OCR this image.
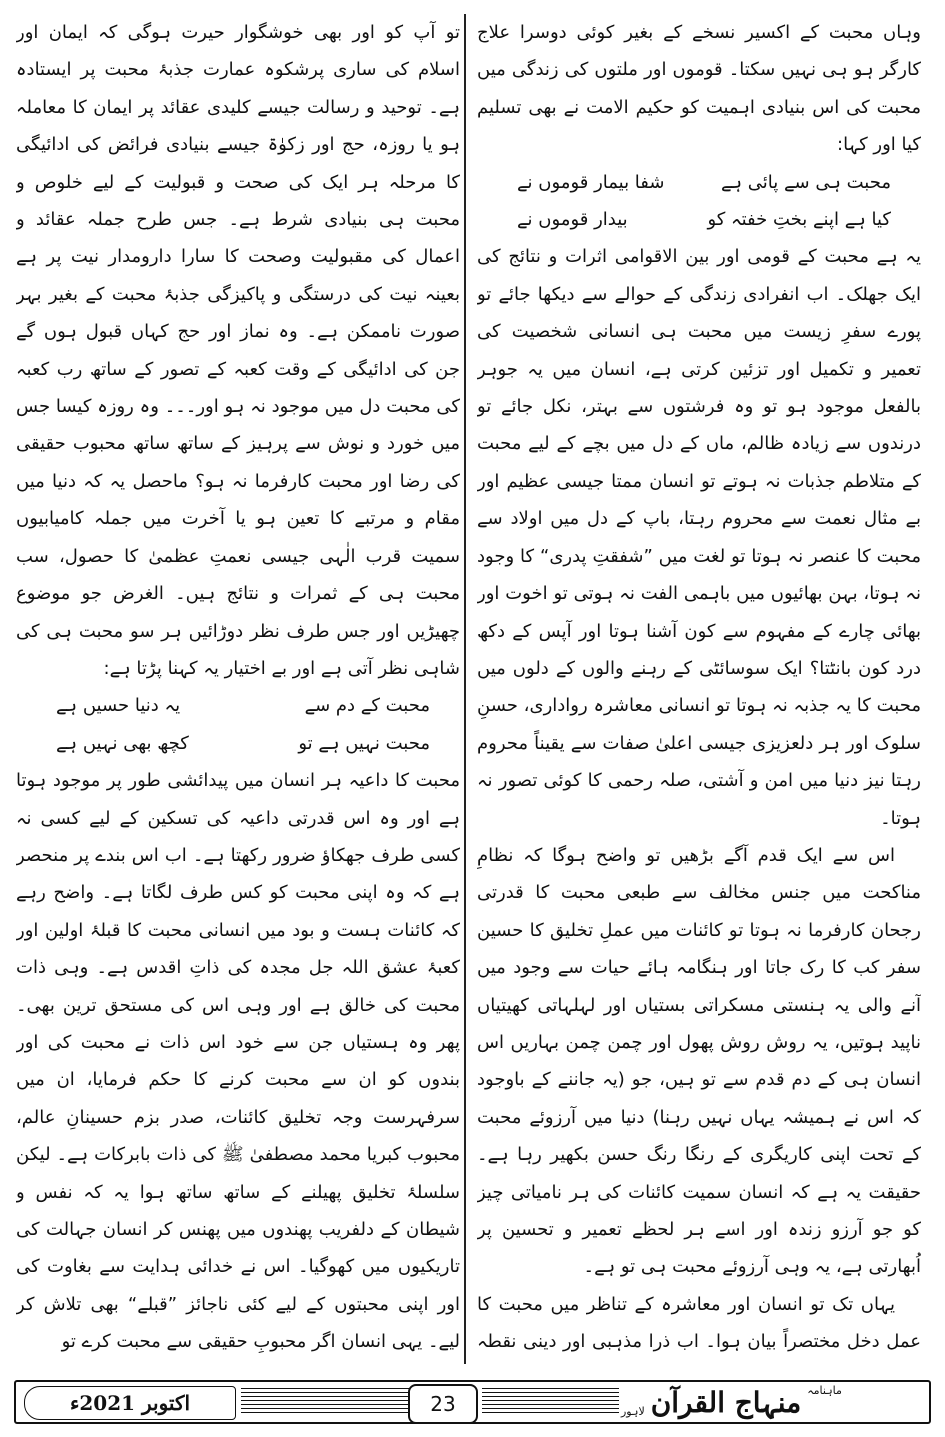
وہاں محبت کے اکسیر نسخے کے بغیر کوئی دوسرا علاج کارگر ہو ہی نہیں سکتا۔ قوموں اور ملتوں کی زندگی میں محبت کی اس بنیادی اہمیت کو حکیم الامت نے بھی تسلیم کیا اور کہا:

محبت ہی سے پائی ہے
شفا بیمار قوموں نے
کیا ہے اپنے بختِ خفتہ کو
بیدار قوموں نے

یہ ہے محبت کے قومی اور بین الاقوامی اثرات و نتائج کی ایک جھلک۔ اب انفرادی زندگی کے حوالے سے دیکھا جائے تو پورے سفرِ زیست میں محبت ہی انسانی شخصیت کی تعمیر و تکمیل اور تزئین کرتی ہے، انسان میں یہ جوہر بالفعل موجود ہو تو وہ فرشتوں سے بہتر، نکل جائے تو درندوں سے زیادہ ظالم، ماں کے دل میں بچے کے لیے محبت کے متلاطم جذبات نہ ہوتے تو انسان ممتا جیسی عظیم اور بے مثال نعمت سے محروم رہتا، باپ کے دل میں اولاد سے محبت کا عنصر نہ ہوتا تو لغت میں ”شفقتِ پدری“ کا وجود نہ ہوتا، بہن بھائیوں میں باہمی الفت نہ ہوتی تو اخوت اور بھائی چارے کے مفہوم سے کون آشنا ہوتا اور آپس کے دکھ درد کون بانٹتا؟ ایک سوسائٹی کے رہنے والوں کے دلوں میں محبت کا یہ جذبہ نہ ہوتا تو انسانی معاشرہ رواداری، حسنِ سلوک اور ہر دلعزیزی جیسی اعلیٰ صفات سے یقیناً محروم رہتا نیز دنیا میں امن و آشتی، صلہ رحمی کا کوئی تصور نہ ہوتا۔

اس سے ایک قدم آگے بڑھیں تو واضح ہوگا کہ نظامِ مناکحت میں جنس مخالف سے طبعی محبت کا قدرتی رجحان کارفرما نہ ہوتا تو کائنات میں عملِ تخلیق کا حسین سفر کب کا رک جاتا اور ہنگامہ ہائے حیات سے وجود میں آنے والی یہ ہنستی مسکراتی بستیاں اور لہلہاتی کھیتیاں ناپید ہوتیں، یہ روش روش پھول اور چمن چمن بہاریں اس انسان ہی کے دم قدم سے تو ہیں، جو (یہ جاننے کے باوجود کہ اس نے ہمیشہ یہاں نہیں رہنا) دنیا میں آرزوئے محبت کے تحت اپنی کاریگری کے رنگا رنگ حسن بکھیر رہا ہے۔ حقیقت یہ ہے کہ انسان سمیت کائنات کی ہر نامیاتی چیز کو جو آرزو زندہ اور اسے ہر لحظے تعمیر و تحسین پر اُبھارتی ہے، یہ وہی آرزوئے محبت ہی تو ہے۔

یہاں تک تو انسان اور معاشرہ کے تناظر میں محبت کا عمل دخل مختصراً بیان ہوا۔ اب ذرا مذہبی اور دینی نقطہ

تو آپ کو اور بھی خوشگوار حیرت ہوگی کہ ایمان اور اسلام کی ساری پرشکوہ عمارت جذبۂ محبت پر ایستادہ ہے۔ توحید و رسالت جیسے کلیدی عقائد پر ایمان کا معاملہ ہو یا روزہ، حج اور زکوٰۃ جیسے بنیادی فرائض کی ادائیگی کا مرحلہ ہر ایک کی صحت و قبولیت کے لیے خلوص و محبت ہی بنیادی شرط ہے۔ جس طرح جملہ عقائد و اعمال کی مقبولیت وصحت کا سارا دارومدار نیت پر ہے بعینہ نیت کی درستگی و پاکیزگی جذبۂ محبت کے بغیر بہر صورت ناممکن ہے۔ وہ نماز اور حج کہاں قبول ہوں گے جن کی ادائیگی کے وقت کعبہ کے تصور کے ساتھ رب کعبہ کی محبت دل میں موجود نہ ہو اور۔۔۔ وہ روزہ کیسا جس میں خورد و نوش سے پرہیز کے ساتھ ساتھ محبوب حقیقی کی رضا اور محبت کارفرما نہ ہو؟ ماحصل یہ کہ دنیا میں مقام و مرتبے کا تعین ہو یا آخرت میں جملہ کامیابیوں سمیت قرب الٰہی جیسی نعمتِ عظمیٰ کا حصول، سب محبت ہی کے ثمرات و نتائج ہیں۔ الغرض جو موضوع چھیڑیں اور جس طرف نظر دوڑائیں ہر سو محبت ہی کی شاہی نظر آتی ہے اور بے اختیار یہ کہنا پڑتا ہے:

محبت کے دم سے
یہ دنیا حسیں ہے
محبت نہیں ہے تو
کچھ بھی نہیں ہے

محبت کا داعیہ ہر انسان میں پیدائشی طور پر موجود ہوتا ہے اور وہ اس قدرتی داعیہ کی تسکین کے لیے کسی نہ کسی طرف جھکاؤ ضرور رکھتا ہے۔ اب اس بندے پر منحصر ہے کہ وہ اپنی محبت کو کس طرف لگاتا ہے۔ واضح رہے کہ کائنات ہست و بود میں انسانی محبت کا قبلۂ اولین اور کعبۂ عشق اللہ جل مجدہ کی ذاتِ اقدس ہے۔ وہی ذات محبت کی خالق ہے اور وہی اس کی مستحق ترین بھی۔ پھر وہ ہستیاں جن سے خود اس ذات نے محبت کی اور بندوں کو ان سے محبت کرنے کا حکم فرمایا، ان میں سرفہرست وجہ تخلیق کائنات، صدر بزم حسینانِ عالم، محبوب کبریا محمد مصطفیٰ ﷺ کی ذات بابرکات ہے۔ لیکن سلسلۂ تخلیق پھیلنے کے ساتھ ساتھ ہوا یہ کہ نفس و شیطان کے دلفریب پھندوں میں پھنس کر انسان جہالت کی تاریکیوں میں کھوگیا۔ اس نے خدائی ہدایت سے بغاوت کی اور اپنی محبتوں کے لیے کئی ناجائز ”قبلے“ بھی تلاش کر لیے۔ یہی انسان اگر محبوبِ حقیقی سے محبت کرے تو

اکتوبر 2021ء	23
ماہنامہ
منہاج القرآن
لاہور
